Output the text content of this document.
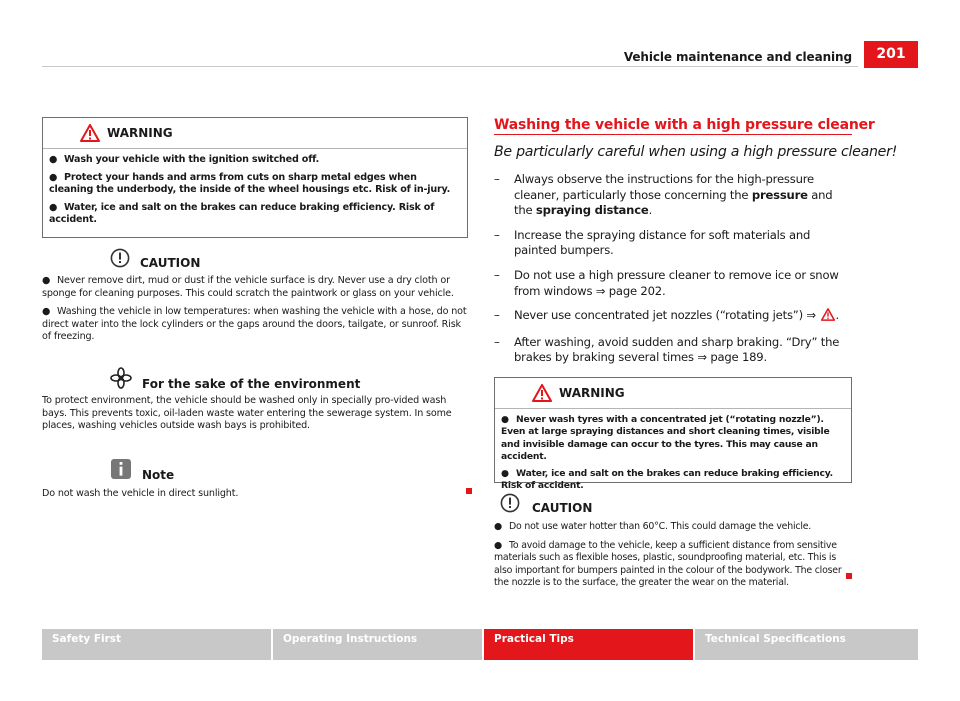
Vehicle maintenance and cleaning	201
WARNING

● Wash your vehicle with the ignition switched off.

● Protect your hands and arms from cuts on sharp metal edges when cleaning the underbody, the inside of the wheel housings etc. Risk of in-jury.

● Water, ice and salt on the brakes can reduce braking efficiency. Risk of accident.

CAUTION

● Never remove dirt, mud or dust if the vehicle surface is dry. Never use a dry cloth or sponge for cleaning purposes. This could scratch the paintwork or glass on your vehicle.

● Washing the vehicle in low temperatures: when washing the vehicle with a hose, do not direct water into the lock cylinders or the gaps around the doors, tailgate, or sunroof. Risk of freezing.

For the sake of the environment

To protect environment, the vehicle should be washed only in specially pro-vided wash bays. This prevents toxic, oil-laden waste water entering the sewerage system. In some places, washing vehicles outside wash bays is prohibited.

Note

Do not wash the vehicle in direct sunlight.

Washing the vehicle with a high pressure cleaner
Be particularly careful when using a high pressure cleaner!
– Always observe the instructions for the high-pressure cleaner, particularly those concerning the pressure and the spraying distance.
– Increase the spraying distance for soft materials and painted bumpers.
– Do not use a high pressure cleaner to remove ice or snow from windows ⇒ page 202.
– Never use concentrated jet nozzles (“rotating jets”) ⇒ .
– After washing, avoid sudden and sharp braking. “Dry” the brakes by braking several times ⇒ page 189.
WARNING

● Never wash tyres with a concentrated jet (“rotating nozzle”). Even at large spraying distances and short cleaning times, visible and invisible damage can occur to the tyres. This may cause an accident.

● Water, ice and salt on the brakes can reduce braking efficiency. Risk of accident.

CAUTION

● Do not use water hotter than 60°C. This could damage the vehicle.

● To avoid damage to the vehicle, keep a sufficient distance from sensitive materials such as flexible hoses, plastic, soundproofing material, etc. This is also important for bumpers painted in the colour of the bodywork. The closer the nozzle is to the surface, the greater the wear on the material.

Safety First	Operating Instructions	Practical Tips	Technical Specifications
